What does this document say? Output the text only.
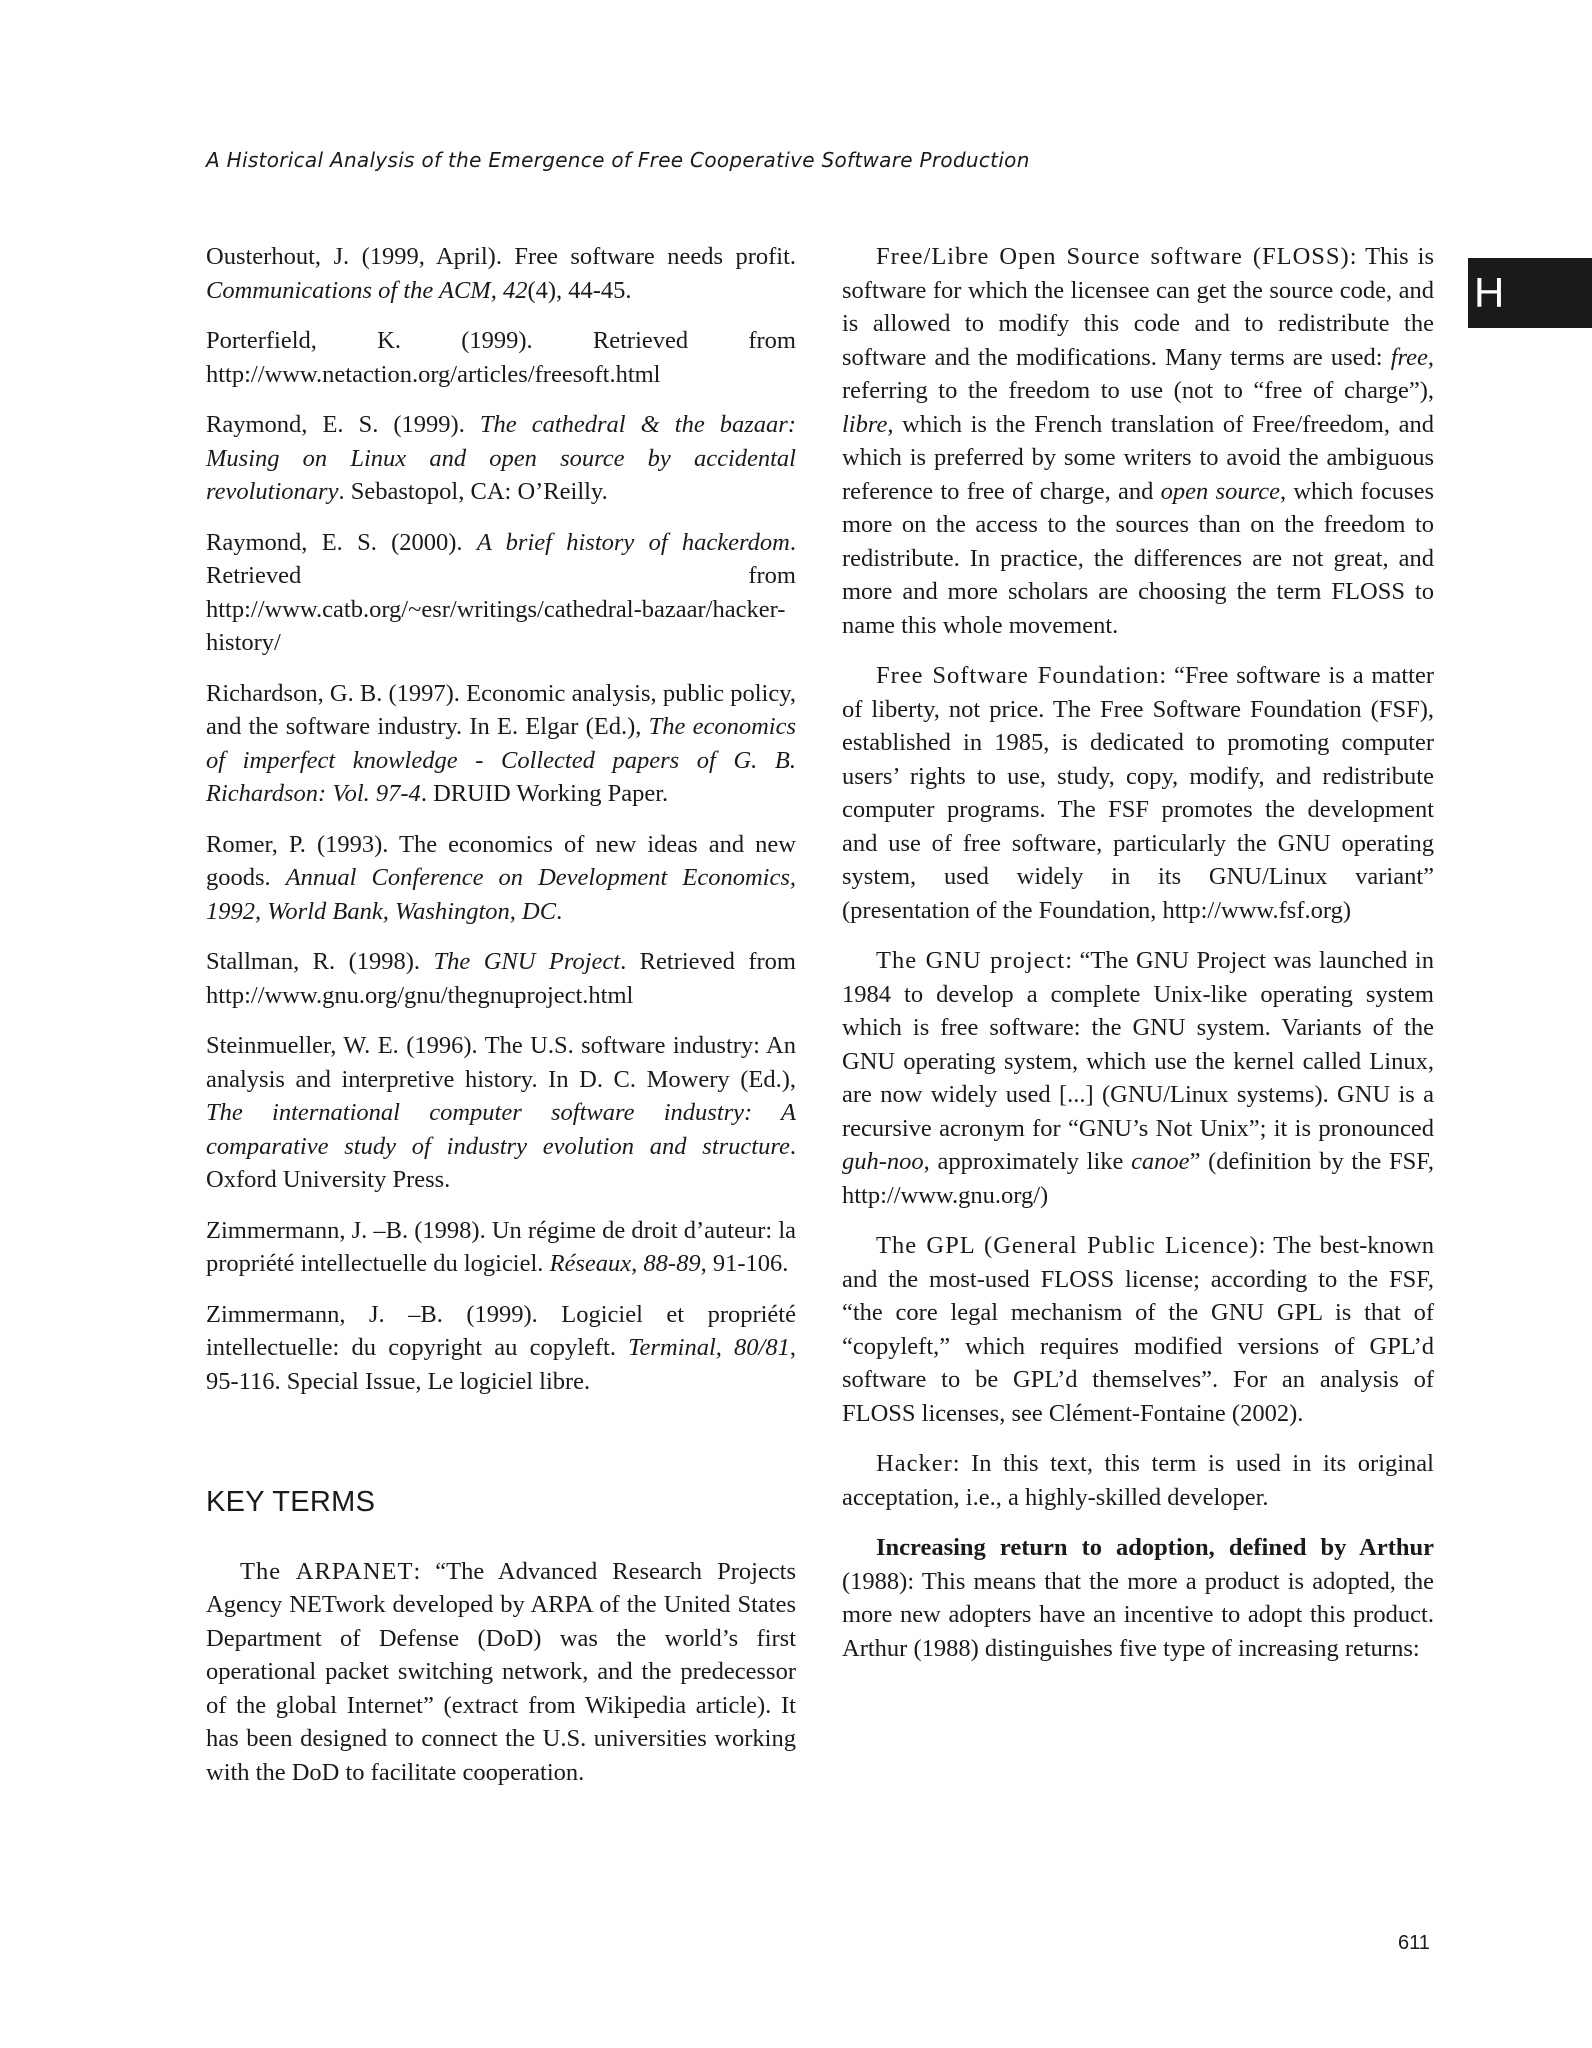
A Historical Analysis of the Emergence of Free Cooperative Software Production
H

Ousterhout, J. (1999, April). Free software needs profit. Communications of the ACM, 42(4), 44-45.

Porterfield, K. (1999). Retrieved from http://www.netaction.org/articles/freesoft.html

Raymond, E. S. (1999). The cathedral & the bazaar: Musing on Linux and open source by accidental revolutionary. Sebastopol, CA: O’Reilly.

Raymond, E. S. (2000). A brief history of hackerdom. Retrieved from http://www.catb.org/~esr/writings/cathedral-bazaar/hacker-history/

Richardson, G. B. (1997). Economic analysis, public policy, and the software industry. In E. Elgar (Ed.), The economics of imperfect knowledge - Collected papers of G. B. Richardson: Vol. 97-4. DRUID Working Paper.

Romer, P. (1993). The economics of new ideas and new goods. Annual Conference on Development Economics, 1992, World Bank, Washington, DC.

Stallman, R. (1998). The GNU Project. Retrieved from http://www.gnu.org/gnu/thegnuproject.html

Steinmueller, W. E. (1996). The U.S. software industry: An analysis and interpretive history. In D. C. Mowery (Ed.), The international computer software industry: A comparative study of industry evolution and structure. Oxford University Press.

Zimmermann, J. –B. (1998). Un régime de droit d’auteur: la propriété intellectuelle du logiciel. Réseaux, 88-89, 91-106.

Zimmermann, J. –B. (1999). Logiciel et propriété intellectuelle: du copyright au copyleft. Terminal, 80/81, 95-116. Special Issue, Le logiciel libre.

KEY TERMS

The ARPANET: “The Advanced Research Projects Agency NETwork developed by ARPA of the United States Department of Defense (DoD) was the world’s first operational packet switching network, and the predecessor of the global Internet” (extract from Wikipedia article). It has been designed to connect the U.S. universities working with the DoD to facilitate cooperation.

Free/Libre Open Source software (FLOSS): This is software for which the licensee can get the source code, and is allowed to modify this code and to redistribute the software and the modifications. Many terms are used: free, referring to the freedom to use (not to “free of charge”), libre, which is the French translation of Free/freedom, and which is preferred by some writers to avoid the ambiguous reference to free of charge, and open source, which focuses more on the access to the sources than on the freedom to redistribute. In practice, the differences are not great, and more and more scholars are choosing the term FLOSS to name this whole movement.

Free Software Foundation: “Free software is a matter of liberty, not price. The Free Software Foundation (FSF), established in 1985, is dedicated to promoting computer users’ rights to use, study, copy, modify, and redistribute computer programs. The FSF promotes the development and use of free software, particularly the GNU operating system, used widely in its GNU/Linux variant” (presentation of the Foundation, http://www.fsf.org)

The GNU project: “The GNU Project was launched in 1984 to develop a complete Unix-like operating system which is free software: the GNU system. Variants of the GNU operating system, which use the kernel called Linux, are now widely used [...] (GNU/Linux systems). GNU is a recursive acronym for “GNU’s Not Unix”; it is pronounced guh-noo, approximately like canoe” (definition by the FSF, http://www.gnu.org/)

The GPL (General Public Licence): The best-known and the most-used FLOSS license; according to the FSF, “the core legal mechanism of the GNU GPL is that of “copyleft,” which requires modified versions of GPL’d software to be GPL’d themselves”. For an analysis of FLOSS licenses, see Clément-Fontaine (2002).

Hacker: In this text, this term is used in its original acceptation, i.e., a highly-skilled developer.

Increasing return to adoption, defined by Arthur (1988): This means that the more a product is adopted, the more new adopters have an incentive to adopt this product. Arthur (1988) distinguishes five type of increasing returns:

611
